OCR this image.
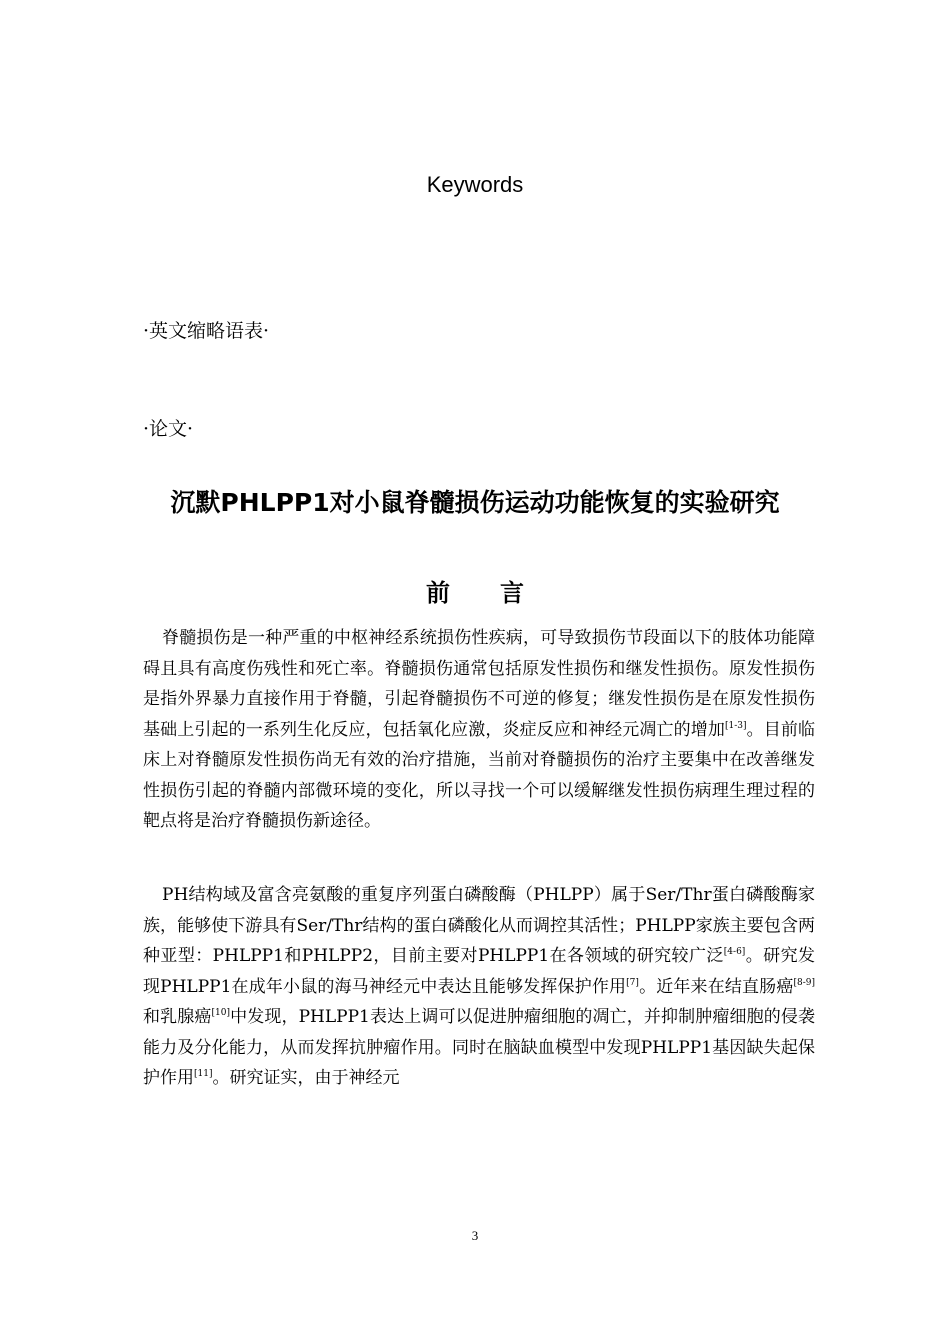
Keywords
·英文缩略语表·
·论文·
沉默PHLPP1对小鼠脊髓损伤运动功能恢复的实验研究
前 言

脊髓损伤是一种严重的中枢神经系统损伤性疾病，可导致损伤节段面以下的肢体功能障碍且具有高度伤残性和死亡率。脊髓损伤通常包括原发性损伤和继发性损伤。原发性损伤是指外界暴力直接作用于脊髓，引起脊髓损伤不可逆的修复；继发性损伤是在原发性损伤基础上引起的一系列生化反应，包括氧化应激，炎症反应和神经元凋亡的增加[1-3]。目前临床上对脊髓原发性损伤尚无有效的治疗措施，当前对脊髓损伤的治疗主要集中在改善继发性损伤引起的脊髓内部微环境的变化，所以寻找一个可以缓解继发性损伤病理生理过程的靶点将是治疗脊髓损伤新途径。

PH结构域及富含亮氨酸的重复序列蛋白磷酸酶（PHLPP）属于Ser/Thr蛋白磷酸酶家族，能够使下游具有Ser/Thr结构的蛋白磷酸化从而调控其活性；PHLPP家族主要包含两种亚型：PHLPP1和PHLPP2，目前主要对PHLPP1在各领域的研究较广泛[4-6]。研究发现PHLPP1在成年小鼠的海马神经元中表达且能够发挥保护作用[7]。近年来在结直肠癌[8-9]和乳腺癌[10]中发现，PHLPP1表达上调可以促进肿瘤细胞的凋亡，并抑制肿瘤细胞的侵袭能力及分化能力，从而发挥抗肿瘤作用。同时在脑缺血模型中发现PHLPP1基因缺失起保护作用[11]。研究证实，由于神经元

3
